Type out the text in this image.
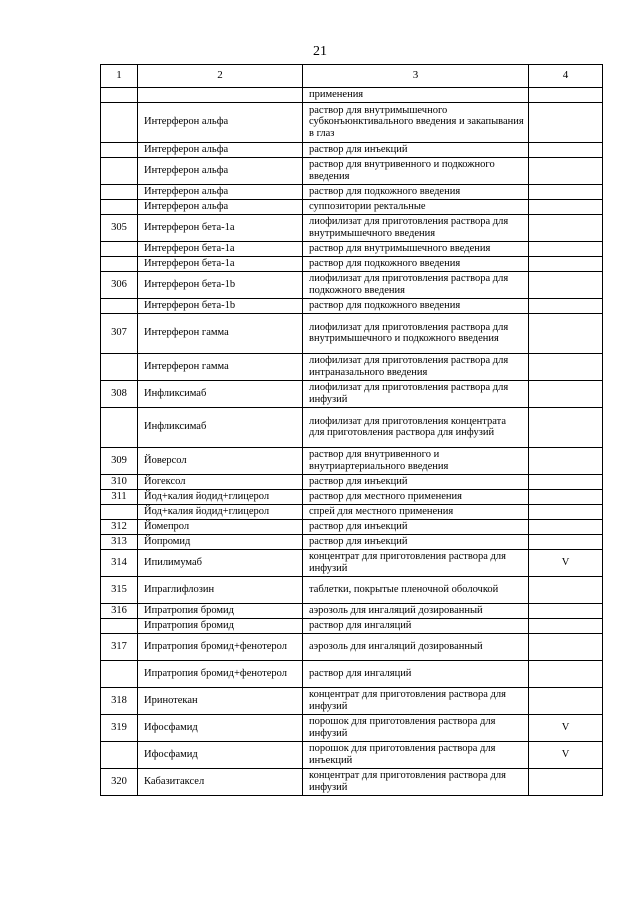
21
1	2	3	4
		применения	
	Интерферон альфа	раствор для внутримышечного субконъюнктивального введения и закапывания в глаз	
	Интерферон альфа	раствор для инъекций	
	Интерферон альфа	раствор для внутривенного и подкожного введения	
	Интерферон альфа	раствор для подкожного введения	
	Интерферон альфа	суппозитории ректальные	
305	Интерферон бета-1а	лиофилизат для приготовления раствора для внутримышечного введения	
	Интерферон бета-1а	раствор для внутримышечного введения	
	Интерферон бета-1а	раствор для подкожного введения	
306	Интерферон бета-1b	лиофилизат для приготовления раствора для подкожного введения	
	Интерферон бета-1b	раствор для подкожного введения	
307	Интерферон гамма	лиофилизат для приготовления раствора для внутримышечного и подкожного введения	
	Интерферон гамма	лиофилизат для приготовления раствора для интраназального введения	
308	Инфликсимаб	лиофилизат для приготовления раствора для инфузий	
	Инфликсимаб	лиофилизат для приготовления концентрата для приготовления раствора для инфузий	
309	Йоверсол	раствор для внутривенного и внутриартериального введения	
310	Йогексол	раствор для инъекций	
311	Йод+калия йодид+глицерол	раствор для местного применения	
	Йод+калия йодид+глицерол	спрей для местного применения	
312	Йомепрол	раствор для инъекций	
313	Йопромид	раствор для инъекций	
314	Ипилимумаб	концентрат для приготовления раствора для инфузий	V
315	Ипраглифлозин	таблетки, покрытые пленочной оболочкой	
316	Ипратропия бромид	аэрозоль для ингаляций дозированный	
	Ипратропия бромид	раствор для ингаляций	
317	Ипратропия бромид+фенотерол	аэрозоль для ингаляций дозированный	
	Ипратропия бромид+фенотерол	раствор для ингаляций	
318	Иринотекан	концентрат для приготовления раствора для инфузий	
319	Ифосфамид	порошок для приготовления раствора для инфузий	V
	Ифосфамид	порошок для приготовления раствора для инъекций	V
320	Кабазитаксел	концентрат для приготовления раствора для инфузий	
